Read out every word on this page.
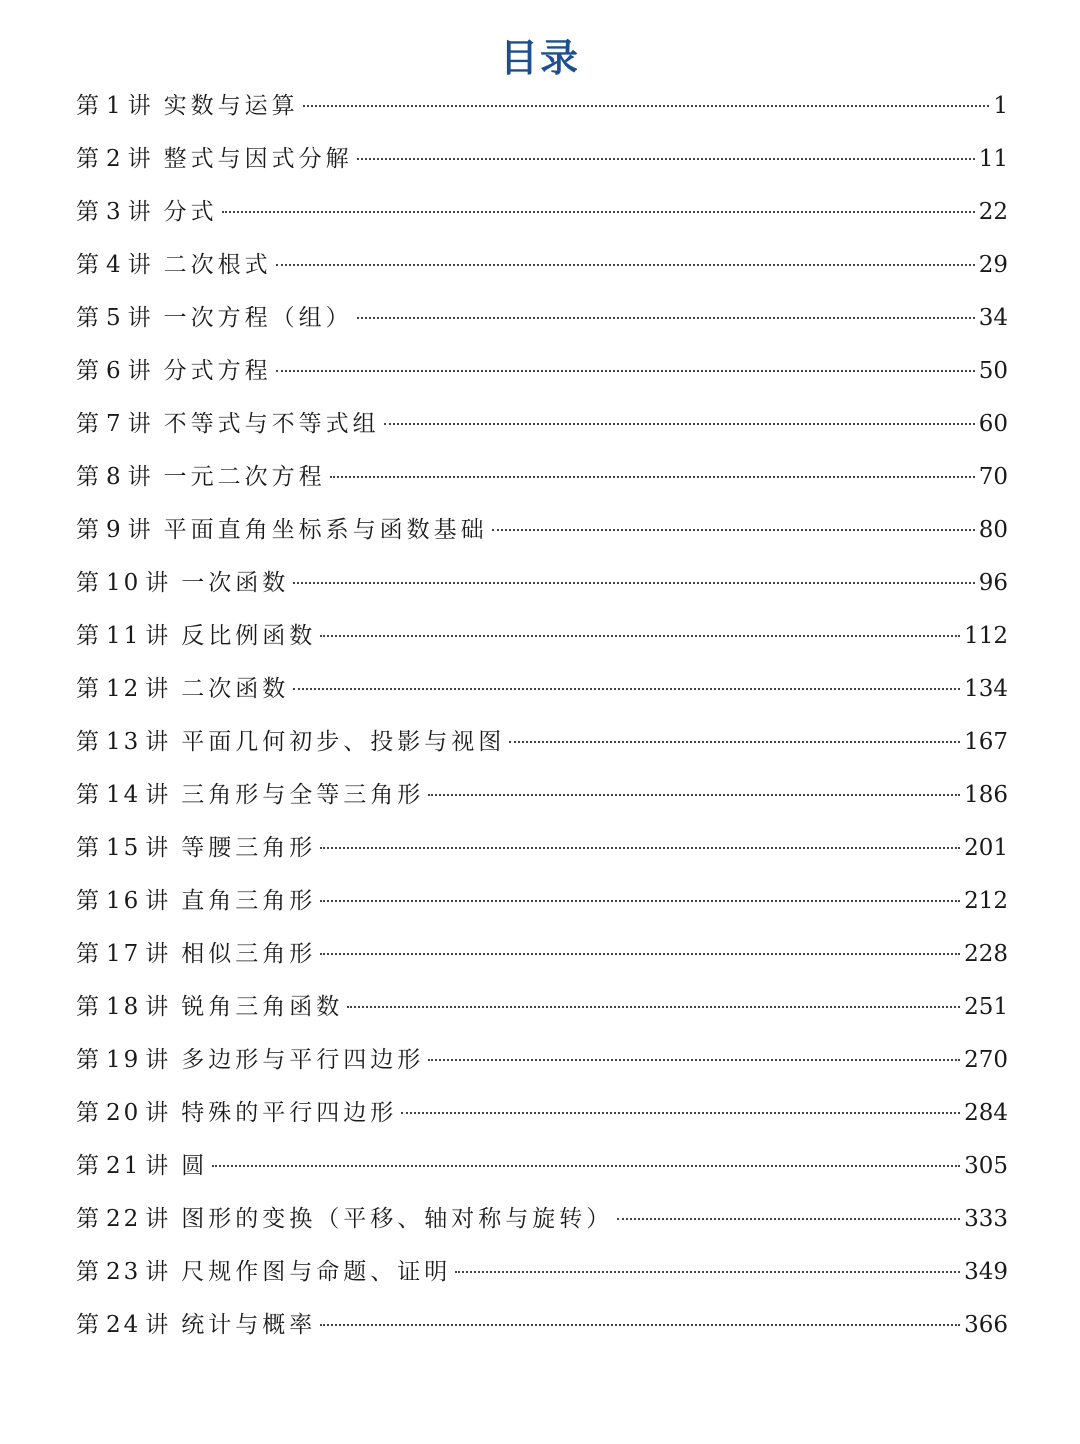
目录
第 1 讲 实数与运算	1
第 2 讲 整式与因式分解	11
第 3 讲 分式	22
第 4 讲 二次根式	29
第 5 讲 一次方程（组）	34
第 6 讲 分式方程	50
第 7 讲 不等式与不等式组	60
第 8 讲 一元二次方程	70
第 9 讲 平面直角坐标系与函数基础	80
第 10 讲 一次函数	96
第 11 讲 反比例函数	112
第 12 讲 二次函数	134
第 13 讲 平面几何初步、投影与视图	167
第 14 讲 三角形与全等三角形	186
第 15 讲 等腰三角形	201
第 16 讲 直角三角形	212
第 17 讲 相似三角形	228
第 18 讲 锐角三角函数	251
第 19 讲 多边形与平行四边形	270
第 20 讲 特殊的平行四边形	284
第 21 讲 圆	305
第 22 讲 图形的变换（平移、轴对称与旋转）	333
第 23 讲 尺规作图与命题、证明	349
第 24 讲 统计与概率	366
